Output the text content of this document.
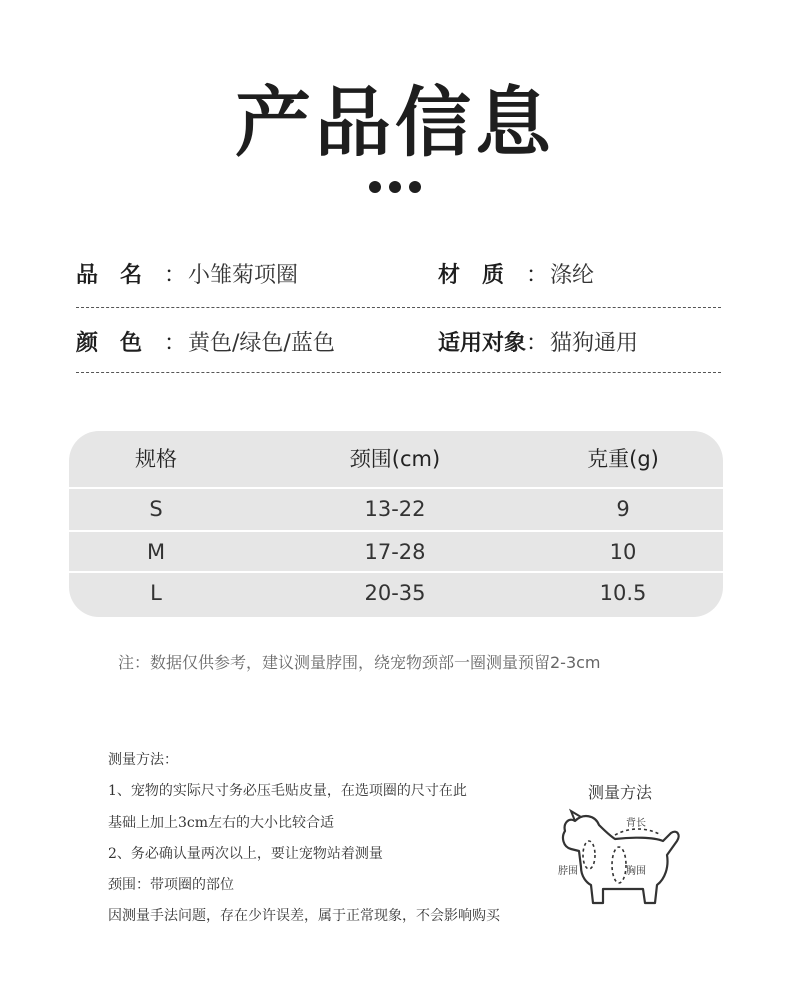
产品信息
品　名 ： 小雏菊项圈	材　质 ： 涤纶
颜　色 ： 黄色/绿色/蓝色	适用对象 ： 猫狗通用
规格	颈围(cm)	克重(g)
S	13-22	9
M	17-28	10
L	20-35	10.5
注：数据仅供参考，建议测量脖围，绕宠物颈部一圈测量预留2-3cm
测量方法：
1、宠物的实际尺寸务必压毛贴皮量，在选项圈的尺寸在此
基础上加上3cm左右的大小比较合适
2、务必确认量两次以上，要让宠物站着测量
颈围：带项圈的部位
因测量手法问题，存在少许误差，属于正常现象，不会影响购买
测量方法
背长
脖围	胸围
